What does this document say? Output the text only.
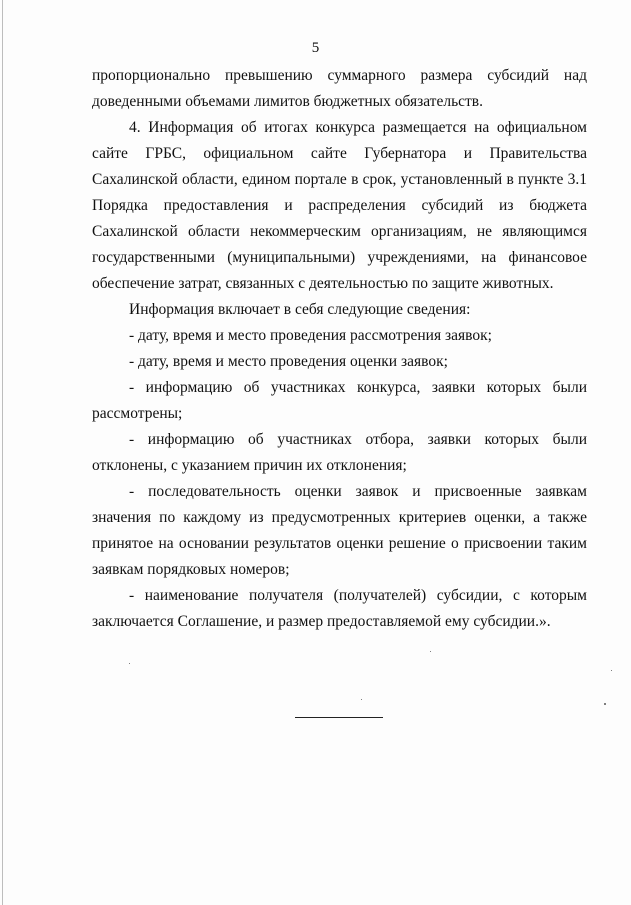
5

пропорционально превышению суммарного размера субсидий над доведенными объемами лимитов бюджетных обязательств.

4. Информация об итогах конкурса размещается на официальном сайте ГРБС, официальном сайте Губернатора и Правительства Сахалинской области, едином портале в срок, установленный в пункте 3.1 Порядка предоставления и распределения субсидий из бюджета Сахалинской области некоммерческим организациям, не являющимся государственными (муниципальными) учреждениями, на финансовое обеспечение затрат, связанных с деятельностью по защите животных.

Информация включает в себя следующие сведения:

- дату, время и место проведения рассмотрения заявок;

- дату, время и место проведения оценки заявок;

- информацию об участниках конкурса, заявки которых были рассмотрены;

- информацию об участниках отбора, заявки которых были отклонены, с указанием причин их отклонения;

- последовательность оценки заявок и присвоенные заявкам значения по каждому из предусмотренных критериев оценки, а также принятое на основании результатов оценки решение о присвоении таким заявкам порядковых номеров;

- наименование получателя (получателей) субсидии, с которым заключается Соглашение, и размер предоставляемой ему субсидии.».
